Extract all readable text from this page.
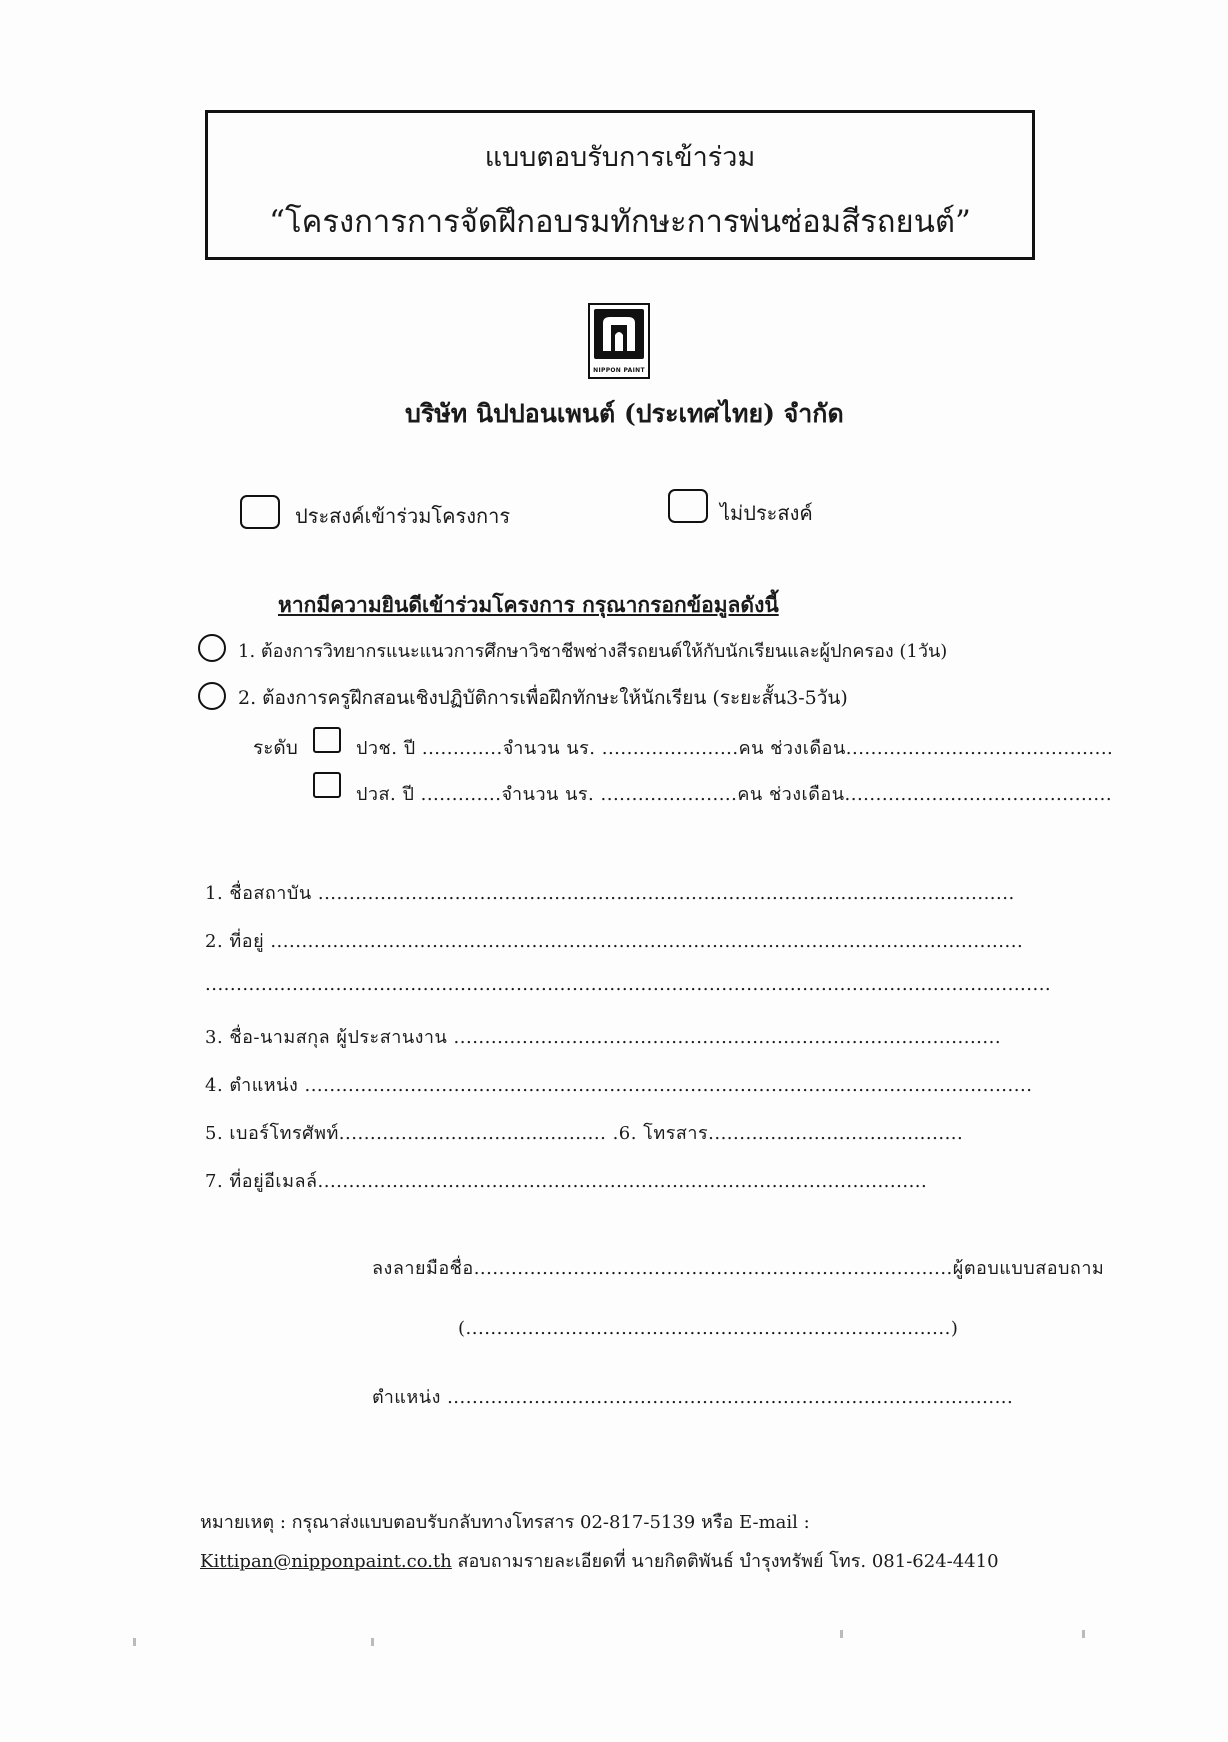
แบบตอบรับการเข้าร่วม
“โครงการการจัดฝึกอบรมทักษะการพ่นซ่อมสีรถยนต์”
NIPPON PAINT
บริษัท นิปปอนเพนต์ (ประเทศไทย) จำกัด
ประสงค์เข้าร่วมโครงการ	ไม่ประสงค์
หากมีความยินดีเข้าร่วมโครงการ กรุณากรอกข้อมูลดังนี้
1. ต้องการวิทยากรแนะแนวการศึกษาวิชาชีพช่างสีรถยนต์ให้กับนักเรียนและผู้ปกครอง (1วัน)
2. ต้องการครูฝึกสอนเชิงปฏิบัติการเพื่อฝึกทักษะให้นักเรียน (ระยะสั้น3-5วัน)
ระดับ	ปวช. ปี .............จำนวน นร. ......................คน ช่วงเดือน...........................................
ปวส. ปี .............จำนวน นร. ......................คน ช่วงเดือน...........................................
1. ชื่อสถาบัน ................................................................................................................
2. ที่อยู่ .........................................................................................................................
........................................................................................................................................
3. ชื่อ-นามสกุล ผู้ประสานงาน ........................................................................................
4. ตำแหน่ง .....................................................................................................................
5. เบอร์โทรศัพท์........................................... .6. โทรสาร.........................................
7. ที่อยู่อีเมลล์..................................................................................................
ลงลายมือชื่อ.............................................................................ผู้ตอบแบบสอบถาม
(..............................................................................)
ตำแหน่ง ...........................................................................................
หมายเหตุ : กรุณาส่งแบบตอบรับกลับทางโทรสาร 02-817-5139 หรือ E-mail :
Kittipan@nipponpaint.co.th สอบถามรายละเอียดที่ นายกิตติพันธ์ บำรุงทรัพย์ โทร. 081-624-4410
